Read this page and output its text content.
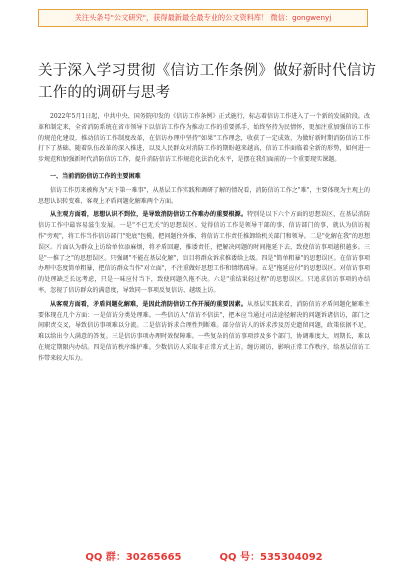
关注头条号"公文研究"，获得最新最全最专业的公文资料库！ 微信：gongwenyj
关于深入学习贯彻《信访工作条例》做好新时代信访工作的的调研与思考

2022年5月1日起，中共中央、国务院印发的《信访工作条例》正式施行，标志着信访工作进入了一个新的发展阶段。改革和制定来，全省消防系统在省市领导下以信访工作作为推动工作的重要抓手，始终坚持为民情怀，更加注重加强信访工作的规范化建设，推动信访工作制度改革，在信访办理中坚持"如果"工作理念，收获了一定成效，为做好新时期消防信访工作打下了基础。随着队伍改革的深入推进，以及人民群众对消防工作的期盼越来越高，信访工作面临着全新的形势，如何进一步规范和加强新时代消防信访工作，提升消防信访工作规范化法治化水平，是摆在我们面前的一个重要现实课题。

一、当前消防信访工作的主要困难

信访工作历来被称为"天下第一难事"，从基层工作实践和调研了解的情况看，消防信访工作之"难"，主要体现为主观上的思想认识转变难、客观上矛盾问题化解难两个方面。

从主观方面看，思想认识不到位，是导致消防信访工作难办的重要根源。特别是以下六个方面的思想误区，在基层消防信访工作中最容易滋生发展。一是"不已无关"的思想误区。觉得信访工作是领导干部的事，信访部门的事，就认为信访视作"旁观"，将工作当作信访部门"兜底"包揽，把问题往外推，将信访工作责任推卸给机关部门和领导。二是"化解在我"的思想误区。片面认为群众上访给单位添麻烦，将矛盾回避，推诿责任，把解决问题的时间拖延下去，致使信访事项越积越多。三是"一推了之"的思想误区。只强调"不能在基层化解"，盲目将群众诉求推诿给上级。四是"简单粗暴"的思想误区。在信访事项办理中态度简单粗暴，把信访群众当作"对立面"，不注重做好思想工作和情绪疏导。五是"拖延应付"的思想误区。对信访事项的处理缺乏长远考虑，只是一味应付当下，致使问题久拖不决。六是"重结果轻过程"的思想误区。只追求信访事项的办结率，忽视了信访群众的满意度，导致同一事项反复信访、越级上访。

从客观方面看，矛盾问题化解难，是因此消防信访工作开展的重要因素。从基层实践来看，消防信访矛盾问题化解难主要体现在几个方面：一是信访分类处理难。一些信访人"信访不信法"，把本应当通过司法途径解决的问题诉诸信访，部门之间职责交叉，导致信访事项难以分流。二是信访诉求合理性判断难。部分信访人的诉求涉及历史遗留问题，政策依据不足，难以给出令人满意的答复。三是信访事项办理时效保障难。一些复杂的信访事项涉及多个部门，协调难度大，周期长，难以在规定期限内办结。四是信访秩序维护难。少数信访人采取非正常方式上访，缠访闹访，影响正常工作秩序，给基层信访工作带来较大压力。

QQ 群：30265665	QQ 号：535304092
